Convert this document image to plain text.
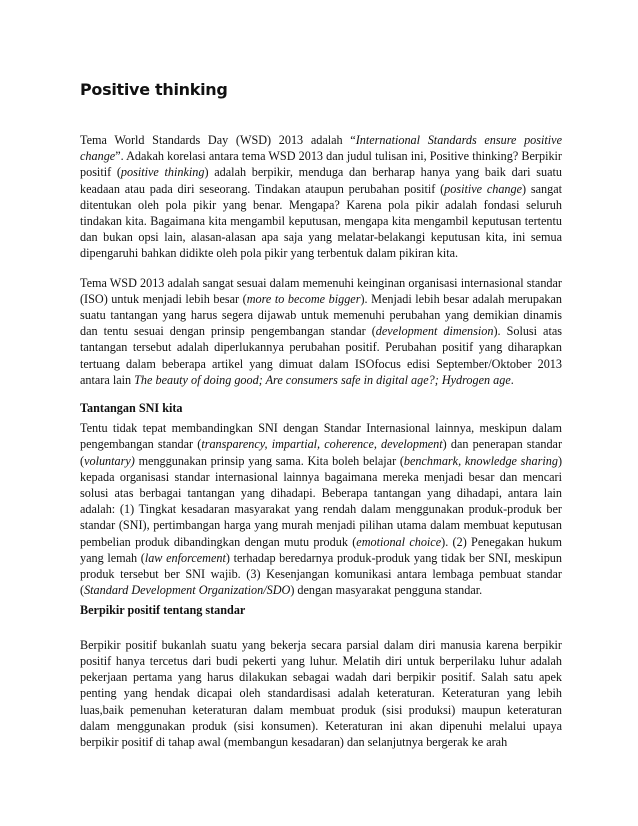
Positive thinking

Tema World Standards Day (WSD) 2013 adalah “International Standards ensure positive change”. Adakah korelasi antara tema WSD 2013 dan judul tulisan ini, Positive thinking? Berpikir positif (positive thinking) adalah berpikir, menduga dan berharap hanya yang baik dari suatu keadaan atau pada diri seseorang. Tindakan ataupun perubahan positif (positive change) sangat ditentukan oleh pola pikir yang benar. Mengapa? Karena pola pikir adalah fondasi seluruh tindakan kita. Bagaimana kita mengambil keputusan, mengapa kita mengambil keputusan tertentu dan bukan opsi lain, alasan-alasan apa saja yang melatar-belakangi keputusan kita, ini semua dipengaruhi bahkan didikte oleh pola pikir yang terbentuk dalam pikiran kita.

Tema WSD 2013 adalah sangat sesuai dalam memenuhi keinginan organisasi internasional standar (ISO) untuk menjadi lebih besar (more to become bigger). Menjadi lebih besar adalah merupakan suatu tantangan yang harus segera dijawab untuk memenuhi perubahan yang demikian dinamis dan tentu sesuai dengan prinsip pengembangan standar (development dimension). Solusi atas tantangan tersebut adalah diperlukannya perubahan positif. Perubahan positif yang diharapkan tertuang dalam beberapa artikel yang dimuat dalam ISOfocus edisi September/Oktober 2013 antara lain The beauty of doing good; Are consumers safe in digital age?; Hydrogen age.

Tantangan SNI kita

Tentu tidak tepat membandingkan SNI dengan Standar Internasional lainnya, meskipun dalam pengembangan standar (transparency, impartial, coherence, development) dan penerapan standar (voluntary) menggunakan prinsip yang sama. Kita boleh belajar (benchmark, knowledge sharing) kepada organisasi standar internasional lainnya bagaimana mereka menjadi besar dan mencari solusi atas berbagai tantangan yang dihadapi. Beberapa tantangan yang dihadapi, antara lain adalah: (1) Tingkat kesadaran masyarakat yang rendah dalam menggunakan produk-produk ber standar (SNI), pertimbangan harga yang murah menjadi pilihan utama dalam membuat keputusan pembelian produk dibandingkan dengan mutu produk (emotional choice). (2) Penegakan hukum yang lemah (law enforcement) terhadap beredarnya produk-produk yang tidak ber SNI, meskipun produk tersebut ber SNI wajib. (3) Kesenjangan komunikasi antara lembaga pembuat standar (Standard Development Organization/SDO) dengan masyarakat pengguna standar.

Berpikir positif tentang standar

Berpikir positif bukanlah suatu yang bekerja secara parsial dalam diri manusia karena berpikir positif hanya tercetus dari budi pekerti yang luhur. Melatih diri untuk berperilaku luhur adalah pekerjaan pertama yang harus dilakukan sebagai wadah dari berpikir positif. Salah satu apek penting yang hendak dicapai oleh standardisasi adalah keteraturan. Keteraturan yang lebih luas,baik pemenuhan keteraturan dalam membuat produk (sisi produksi) maupun keteraturan dalam menggunakan produk (sisi konsumen). Keteraturan ini akan dipenuhi melalui upaya berpikir positif di tahap awal (membangun kesadaran) dan selanjutnya bergerak ke arah
